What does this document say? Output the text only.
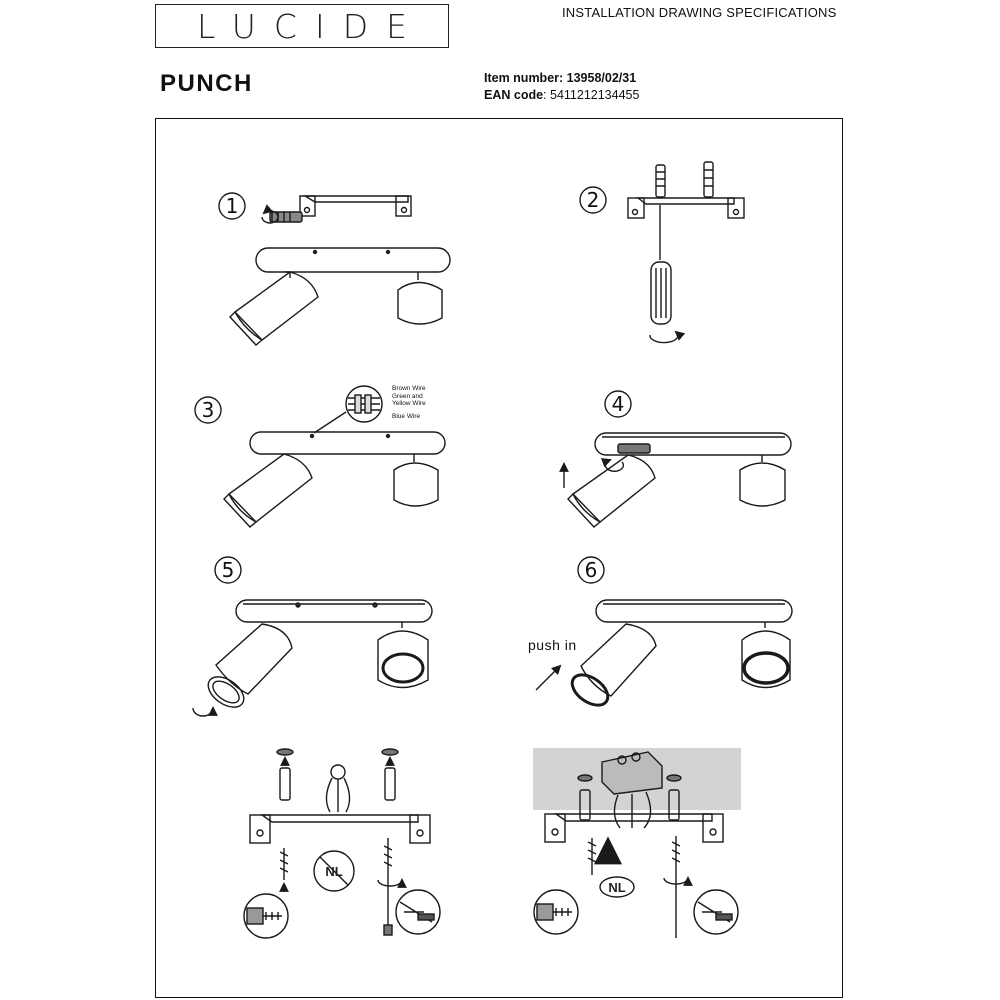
LUCIDE	INSTALLATION DRAWING SPECIFICATIONS
PUNCH	Item number: 13958/02/31
EAN code: 5411212134455
1	2
3
Brown Wire
Green and
Yellow Wire
Blue Wire
4
5	6
push in
NL
NL
